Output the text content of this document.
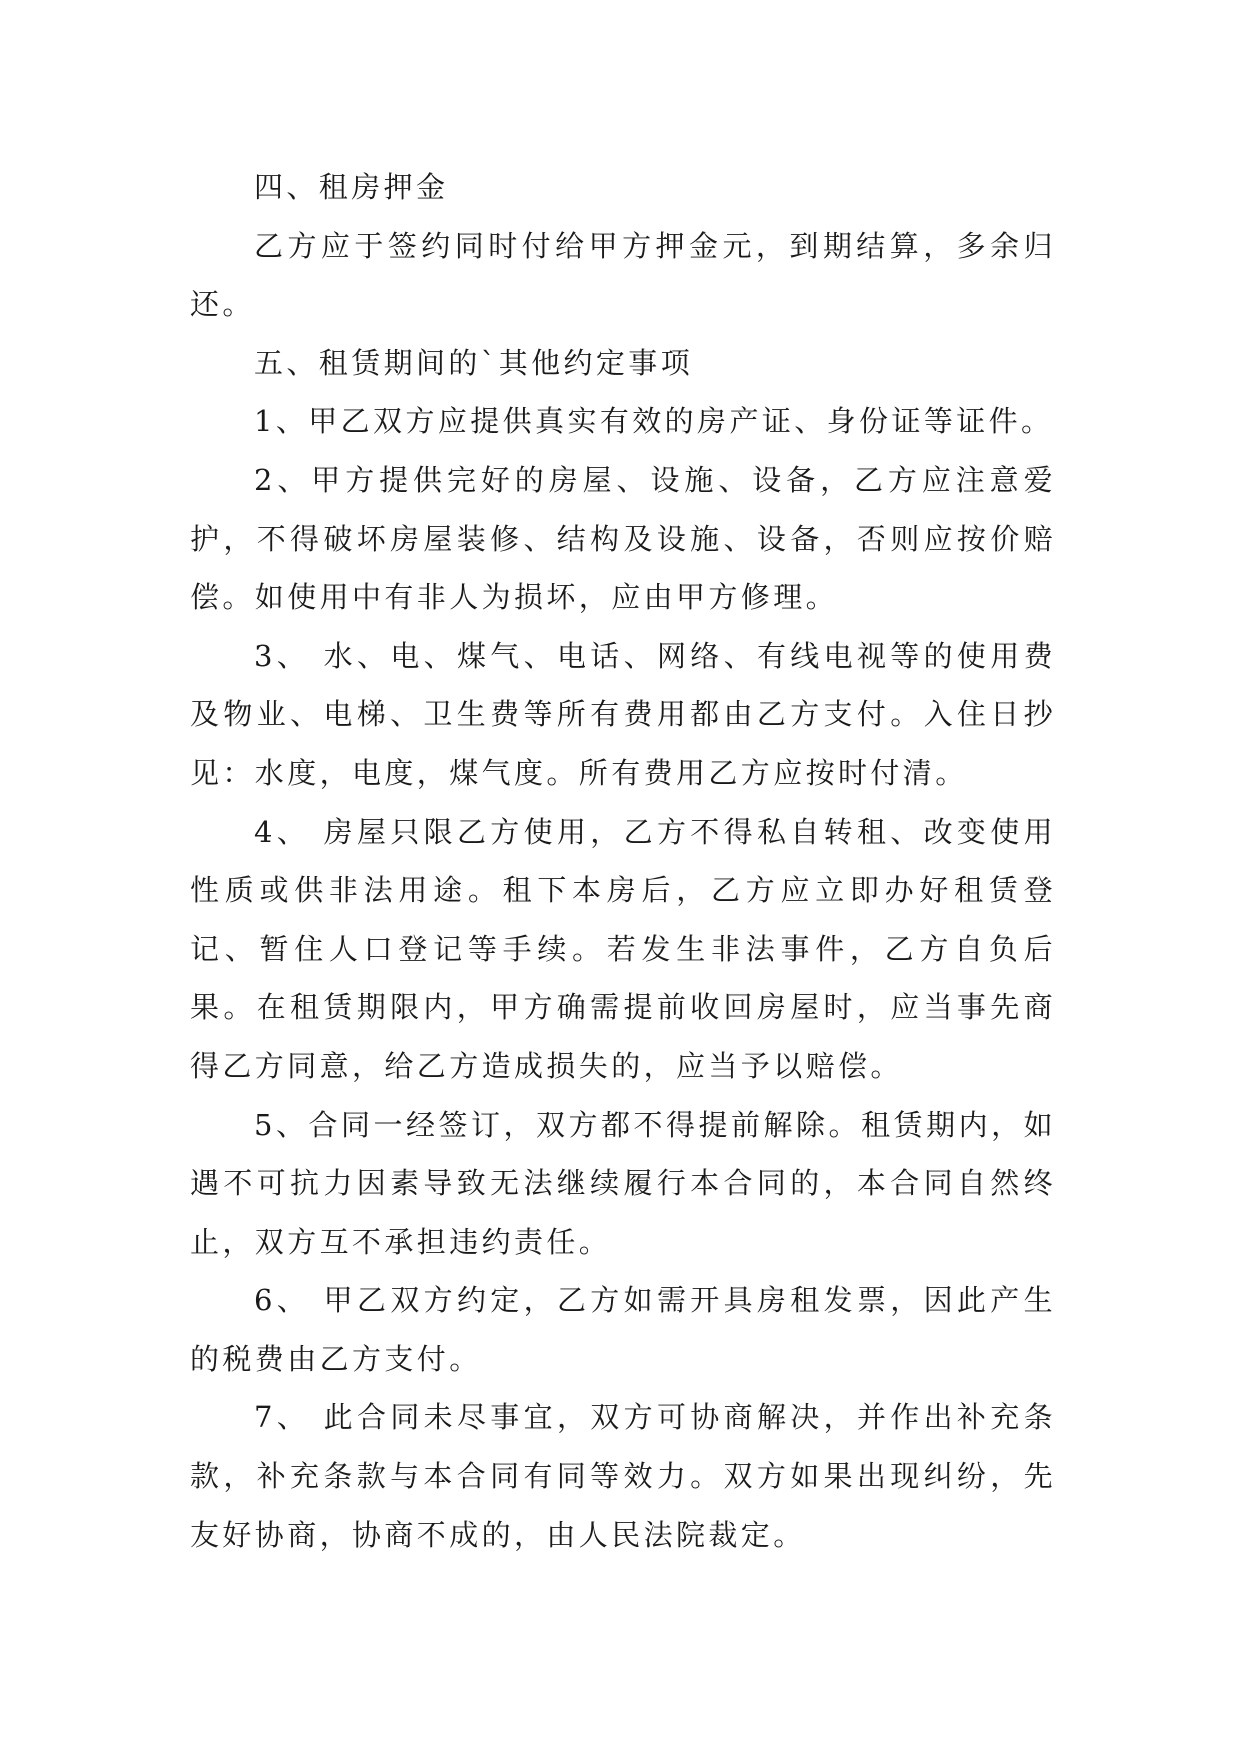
四、租房押金

乙方应于签约同时付给甲方押金元，到期结算，多余归还。

五、租赁期间的`其他约定事项

1、甲乙双方应提供真实有效的房产证、身份证等证件。

2、甲方提供完好的房屋、设施、设备，乙方应注意爱护，不得破坏房屋装修、结构及设施、设备，否则应按价赔偿。如使用中有非人为损坏，应由甲方修理。

3、 水、电、煤气、电话、网络、有线电视等的使用费及物业、电梯、卫生费等所有费用都由乙方支付。入住日抄见：水度，电度，煤气度。所有费用乙方应按时付清。

4、 房屋只限乙方使用，乙方不得私自转租、改变使用性质或供非法用途。租下本房后，乙方应立即办好租赁登记、暂住人口登记等手续。若发生非法事件，乙方自负后果。在租赁期限内，甲方确需提前收回房屋时，应当事先商得乙方同意，给乙方造成损失的，应当予以赔偿。

5、合同一经签订，双方都不得提前解除。租赁期内，如遇不可抗力因素导致无法继续履行本合同的，本合同自然终止，双方互不承担违约责任。

6、 甲乙双方约定，乙方如需开具房租发票，因此产生的税费由乙方支付。

7、 此合同未尽事宜，双方可协商解决，并作出补充条款，补充条款与本合同有同等效力。双方如果出现纠纷，先友好协商，协商不成的，由人民法院裁定。
